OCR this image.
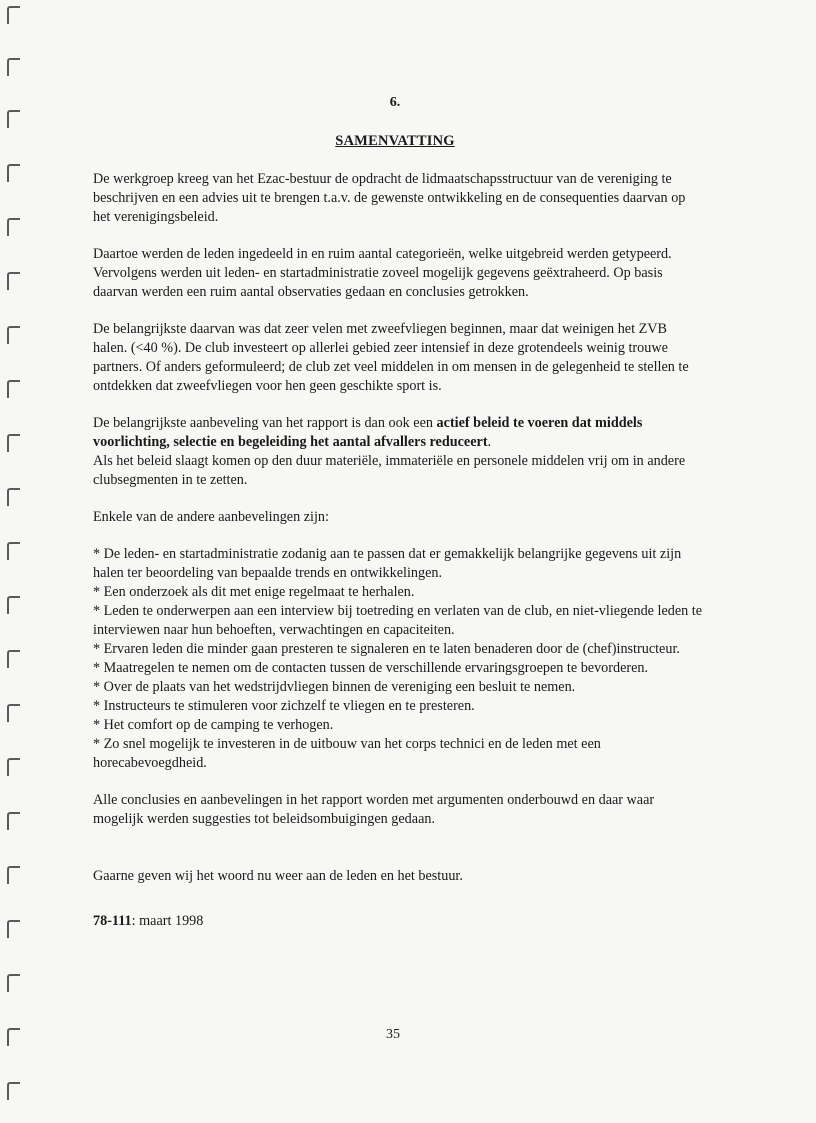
6.
SAMENVATTING

De werkgroep kreeg van het Ezac-bestuur de opdracht de lidmaatschapsstructuur van de vereniging te beschrijven en een advies uit te brengen t.a.v. de gewenste ontwikkeling en de consequenties daarvan op het verenigingsbeleid.

Daartoe werden de leden ingedeeld in en ruim aantal categorieën, welke uitgebreid werden getypeerd. Vervolgens werden uit leden- en startadministratie zoveel mogelijk gegevens geëxtraheerd. Op basis daarvan werden een ruim aantal observaties gedaan en conclusies getrokken.

De belangrijkste daarvan was dat zeer velen met zweefvliegen beginnen, maar dat weinigen het ZVB halen. (<40 %). De club investeert op allerlei gebied zeer intensief in deze grotendeels weinig trouwe partners. Of anders geformuleerd; de club zet veel middelen in om mensen in de gelegenheid te stellen te ontdekken dat zweefvliegen voor hen geen geschikte sport is.

De belangrijkste aanbeveling van het rapport is dan ook een actief beleid te voeren dat middels voorlichting, selectie en begeleiding het aantal afvallers reduceert.
Als het beleid slaagt komen op den duur materiële, immateriële en personele middelen vrij om in andere clubsegmenten in te zetten.

Enkele van de andere aanbevelingen zijn:

* De leden- en startadministratie zodanig aan te passen dat er gemakkelijk belangrijke gegevens uit zijn halen ter beoordeling van bepaalde trends en ontwikkelingen.
* Een onderzoek als dit met enige regelmaat te herhalen.
* Leden te onderwerpen aan een interview bij toetreding en verlaten van de club, en niet-vliegende leden te interviewen naar hun behoeften, verwachtingen en capaciteiten.
* Ervaren leden die minder gaan presteren te signaleren en te laten benaderen door de (chef)instructeur.
* Maatregelen te nemen om de contacten tussen de verschillende ervaringsgroepen te bevorderen.
* Over de plaats van het wedstrijdvliegen binnen de vereniging een besluit te nemen.
* Instructeurs te stimuleren voor zichzelf te vliegen en te presteren.
* Het comfort op de camping te verhogen.
* Zo snel mogelijk te investeren in de uitbouw van het corps technici en de leden met een horecabevoegdheid.

Alle conclusies en aanbevelingen in het rapport worden met argumenten onderbouwd en daar waar mogelijk werden suggesties tot beleidsombuigingen gedaan.

Gaarne geven wij het woord nu weer aan de leden en het bestuur.

78-111: maart 1998

35
